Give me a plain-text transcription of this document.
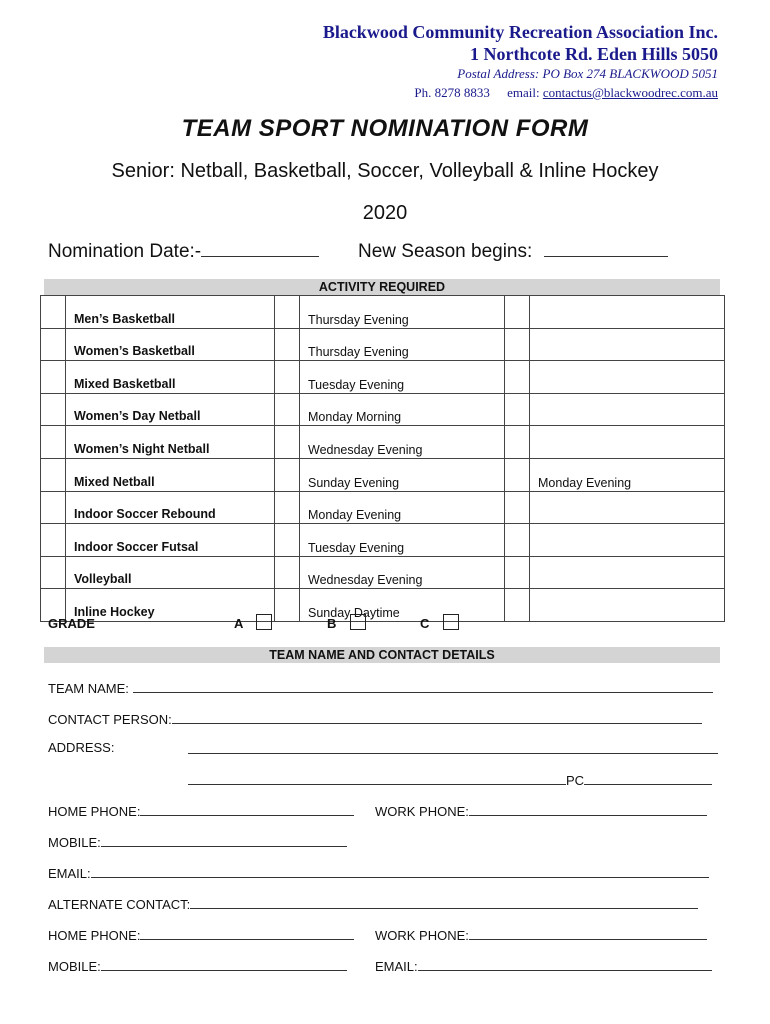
Blackwood Community Recreation Association Inc.
1 Northcote Rd. Eden Hills 5050
Postal Address: PO Box 274 BLACKWOOD 5051
Ph. 8278 8833 email: contactus@blackwoodrec.com.au
TEAM SPORT NOMINATION FORM
Senior: Netball, Basketball, Soccer, Volleyball & Inline Hockey
2020
Nomination Date:-	New Season begins:
ACTIVITY REQUIRED
	Men’s Basketball		Thursday Evening		
	Women’s Basketball		Thursday Evening		
	Mixed Basketball		Tuesday Evening		
	Women’s Day Netball		Monday Morning		
	Women’s Night Netball		Wednesday Evening		
	Mixed Netball		Sunday Evening		Monday Evening
	Indoor Soccer Rebound		Monday Evening		
	Indoor Soccer Futsal		Tuesday Evening		
	Volleyball		Wednesday Evening		
	Inline Hockey		Sunday Daytime		
GRADE	A	B	C
TEAM NAME AND CONTACT DETAILS
TEAM NAME:
CONTACT PERSON:
ADDRESS:
PC
HOME PHONE:	WORK PHONE:
MOBILE:
EMAIL:
ALTERNATE CONTACT:
HOME PHONE:	WORK PHONE:
MOBILE:	EMAIL:
